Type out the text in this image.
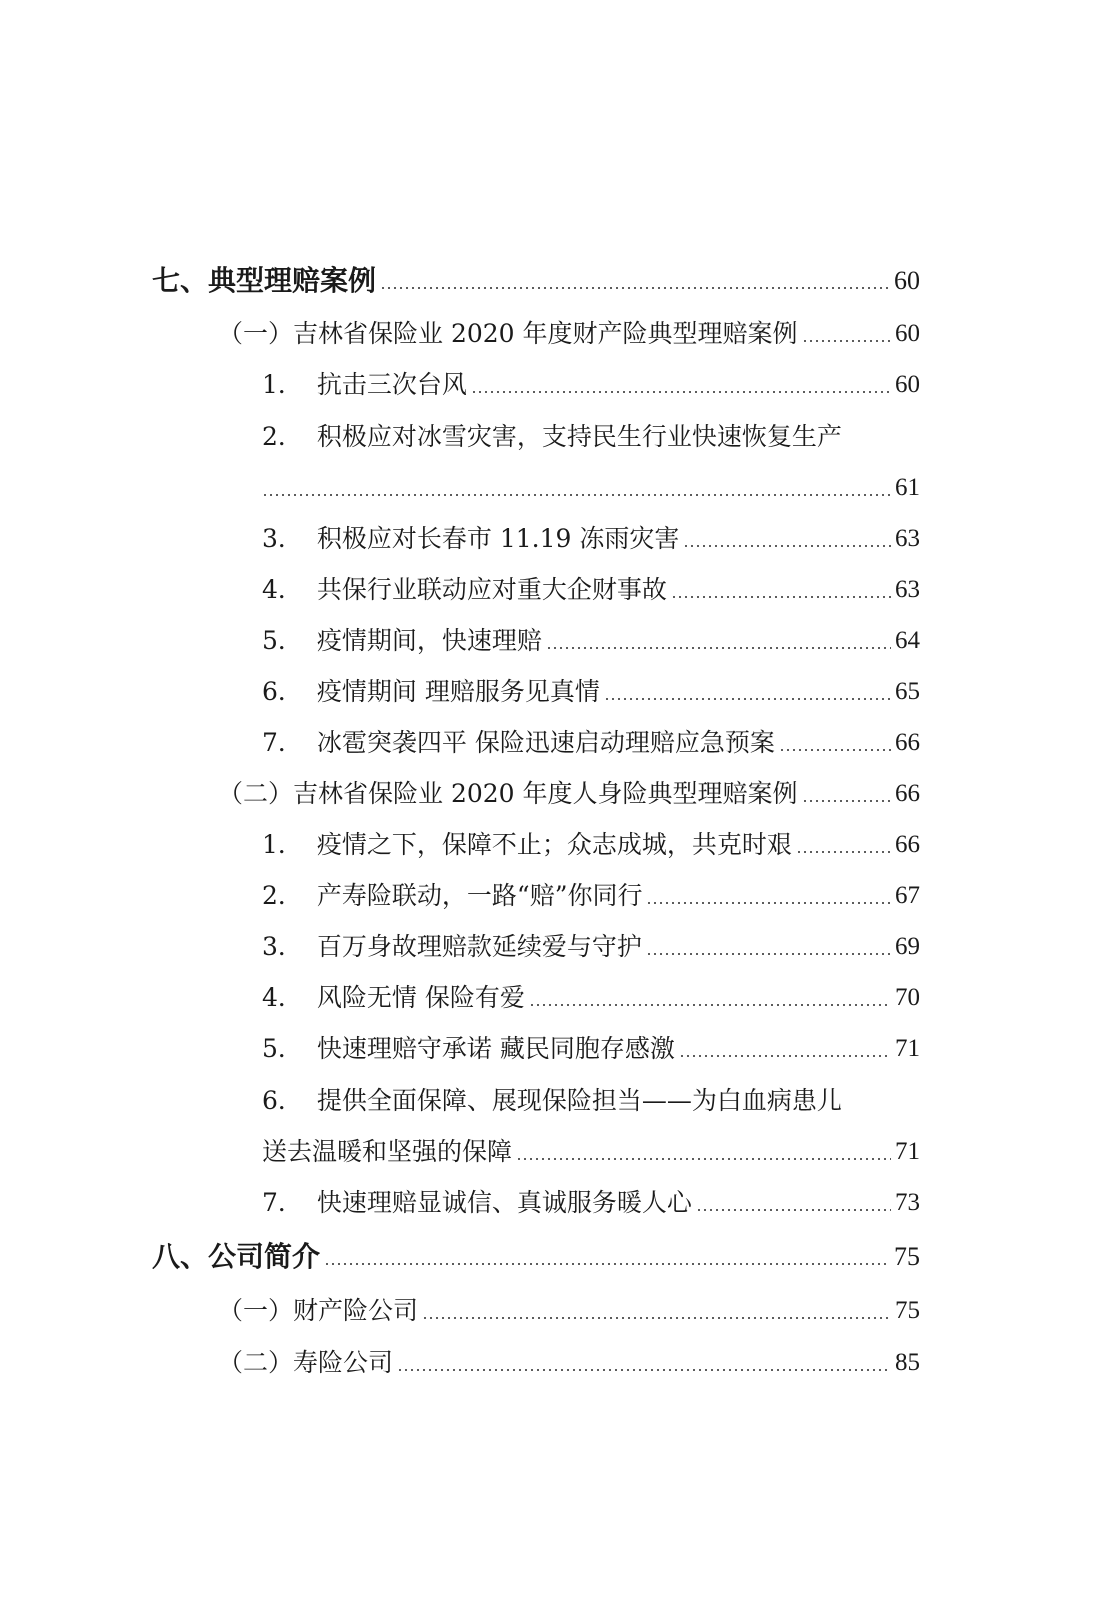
七、典型理赔案例	60
（一）吉林省保险业 2020 年度财产险典型理赔案例	60
1． 抗击三次台风	60
2． 积极应对冰雪灾害，支持民生行业快速恢复生产
61
3． 积极应对长春市 11.19 冻雨灾害	63
4． 共保行业联动应对重大企财事故	63
5． 疫情期间，快速理赔	64
6． 疫情期间 理赔服务见真情	65
7． 冰雹突袭四平 保险迅速启动理赔应急预案	66
（二）吉林省保险业 2020 年度人身险典型理赔案例	66
1． 疫情之下，保障不止；众志成城，共克时艰	66
2． 产寿险联动，一路“赔”你同行	67
3． 百万身故理赔款延续爱与守护	69
4． 风险无情 保险有爱	70
5． 快速理赔守承诺 藏民同胞存感激	71
6． 提供全面保障、展现保险担当——为白血病患儿
送去温暖和坚强的保障	71
7． 快速理赔显诚信、真诚服务暖人心	73
八、公司简介	75
（一）财产险公司	75
（二）寿险公司	85
